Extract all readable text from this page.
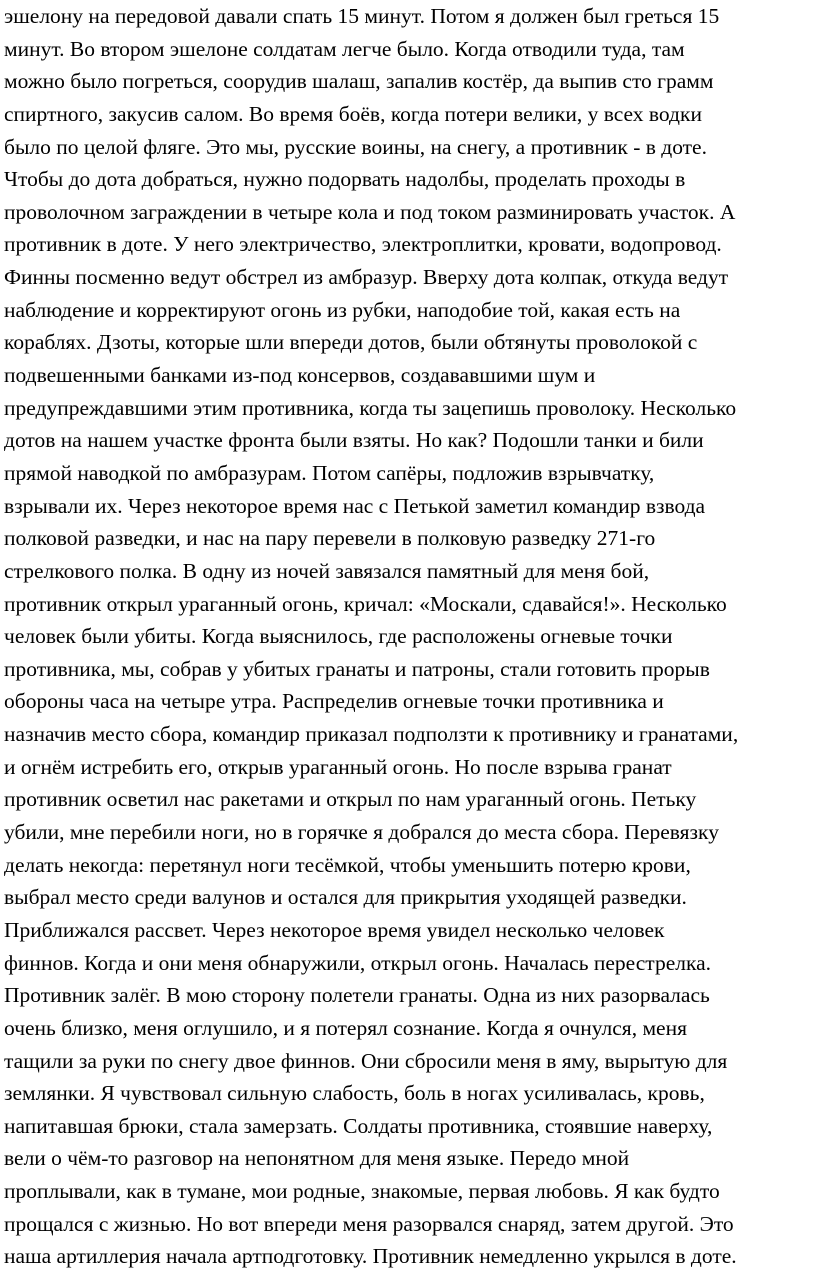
эшелону на передовой давали спать 15 минут. Потом я должен был греться 15
минут. Во втором эшелоне солдатам легче было. Когда отводили туда, там
можно было погреться, соорудив шалаш, запалив костёр, да выпив сто грамм
спиртного, закусив салом. Во время боёв, когда потери велики, у всех водки
было по целой фляге. Это мы, русские воины, на снегу, а противник - в доте.
Чтобы до дота добраться, нужно подорвать надолбы, проделать проходы в
проволочном заграждении в четыре кола и под током разминировать участок. А
противник в доте. У него электричество, электроплитки, кровати, водопровод.
Финны посменно ведут обстрел из амбразур. Вверху дота колпак, откуда ведут
наблюдение и корректируют огонь из рубки, наподобие той, какая есть на
кораблях. Дзоты, которые шли впереди дотов, были обтянуты проволокой с
подвешенными банками из-под консервов, создававшими шум и
предупреждавшими этим противника, когда ты зацепишь проволоку. Несколько
дотов на нашем участке фронта были взяты. Но как? Подошли танки и били
прямой наводкой по амбразурам. Потом сапёры, подложив взрывчатку,
взрывали их. Через некоторое время нас с Петькой заметил командир взвода
полковой разведки, и нас на пару перевели в полковую разведку 271-го
стрелкового полка. В одну из ночей завязался памятный для меня бой,
противник открыл ураганный огонь, кричал: «Москали, сдавайся!». Несколько
человек были убиты. Когда выяснилось, где расположены огневые точки
противника, мы, собрав у убитых гранаты и патроны, стали готовить прорыв
обороны часа на четыре утра. Распределив огневые точки противника и
назначив место сбора, командир приказал подползти к противнику и гранатами,
и огнём истребить его, открыв ураганный огонь. Но после взрыва гранат
противник осветил нас ракетами и открыл по нам ураганный огонь. Петьку
убили, мне перебили ноги, но в горячке я добрался до места сбора. Перевязку
делать некогда: перетянул ноги тесёмкой, чтобы уменьшить потерю крови,
выбрал место среди валунов и остался для прикрытия уходящей разведки.
Приближался рассвет. Через некоторое время увидел несколько человек
финнов. Когда и они меня обнаружили, открыл огонь. Началась перестрелка.
Противник залёг. В мою сторону полетели гранаты. Одна из них разорвалась
очень близко, меня оглушило, и я потерял сознание. Когда я очнулся, меня
тащили за руки по снегу двое финнов. Они сбросили меня в яму, вырытую для
землянки. Я чувствовал сильную слабость, боль в ногах усиливалась, кровь,
напитавшая брюки, стала замерзать. Солдаты противника, стоявшие наверху,
вели о чём-то разговор на непонятном для меня языке. Передо мной
проплывали, как в тумане, мои родные, знакомые, первая любовь. Я как будто
прощался с жизнью. Но вот впереди меня разорвался снаряд, затем другой. Это
наша артиллерия начала артподготовку. Противник немедленно укрылся в доте.
